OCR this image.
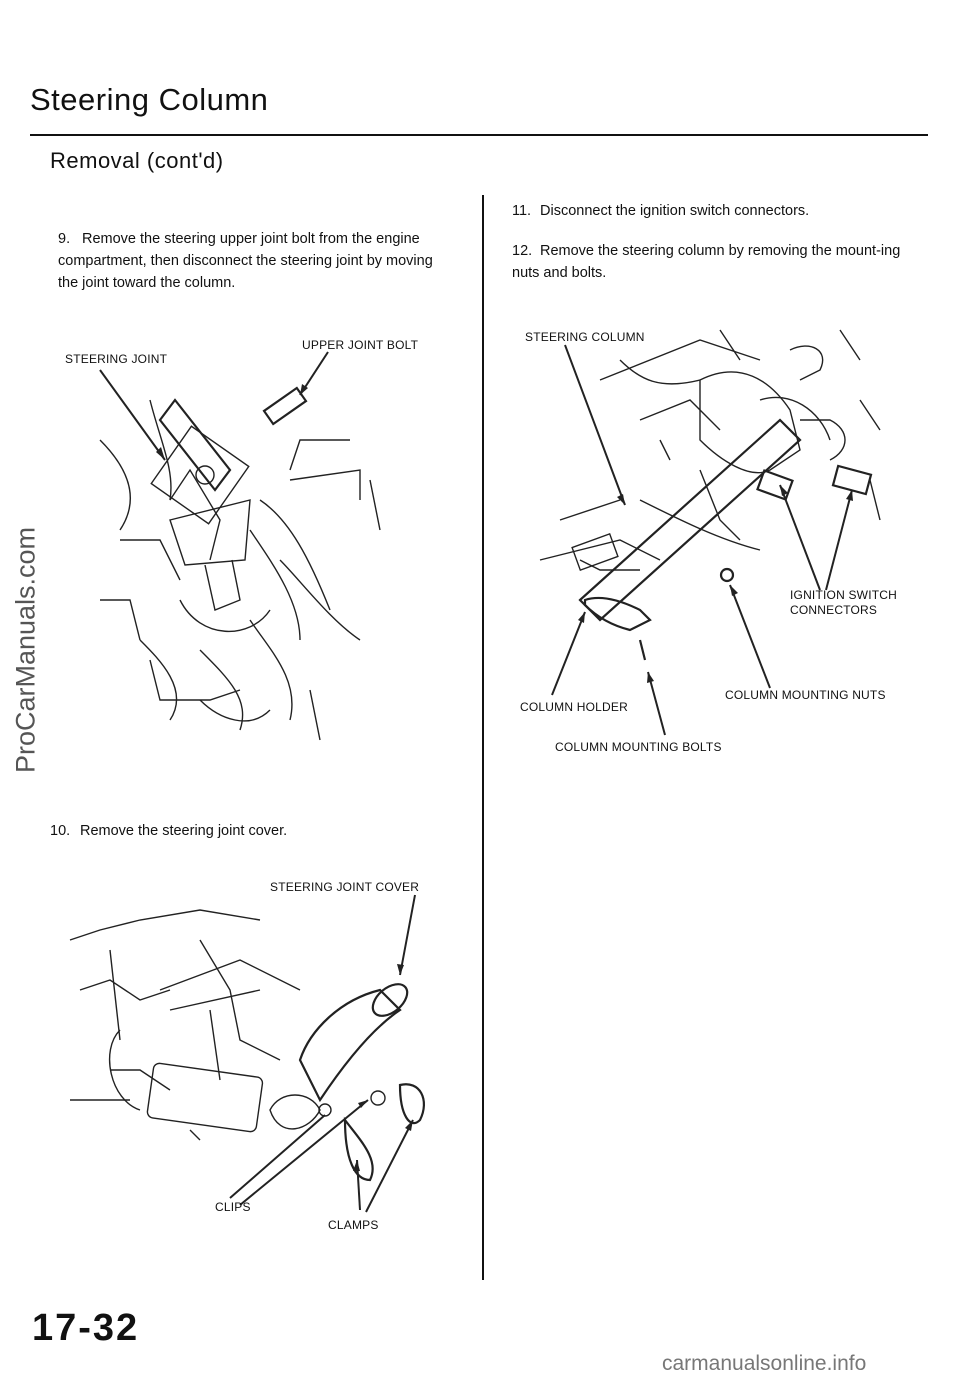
Steering Column
Removal (cont'd)
9. Remove the steering upper joint bolt from the engine compartment, then disconnect the steering joint by moving the joint toward the column.
10. Remove the steering joint cover.
11. Disconnect the ignition switch connectors.
12. Remove the steering column by removing the mount-ing nuts and bolts.
STEERING JOINT
UPPER JOINT BOLT
STEERING JOINT COVER
CLIPS
CLAMPS
STEERING COLUMN
IGNITION SWITCH
CONNECTORS
COLUMN HOLDER
COLUMN MOUNTING NUTS
COLUMN MOUNTING BOLTS
ProCarManuals.com
17-32
carmanualsonline.info
